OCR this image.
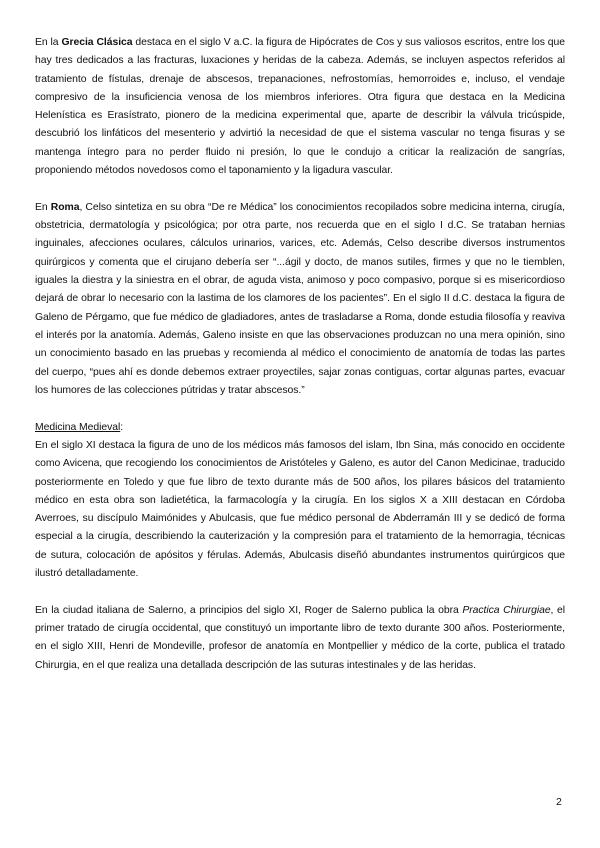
En la Grecia Clásica destaca en el siglo V a.C. la figura de Hipócrates de Cos y sus valiosos escritos, entre los que hay tres dedicados a las fracturas, luxaciones y heridas de la cabeza. Además, se incluyen aspectos referidos al tratamiento de fístulas, drenaje de abscesos, trepanaciones, nefrostomías, hemorroides e, incluso, el vendaje compresivo de la insuficiencia venosa de los miembros inferiores. Otra figura que destaca en la Medicina Helenística es Erasístrato, pionero de la medicina experimental que, aparte de describir la válvula tricúspide, descubrió los linfáticos del mesenterio y advirtió la necesidad de que el sistema vascular no tenga fisuras y se mantenga íntegro para no perder fluido ni presión, lo que le condujo a criticar la realización de sangrías, proponiendo métodos novedosos como el taponamiento y la ligadura vascular.

En Roma, Celso sintetiza en su obra “De re Médica” los conocimientos recopilados sobre medicina interna, cirugía, obstetricia, dermatología y psicológica; por otra parte, nos recuerda que en el siglo I d.C. Se trataban hernias inguinales, afecciones oculares, cálculos urinarios, varices, etc. Además, Celso describe diversos instrumentos quirúrgicos y comenta que el cirujano debería ser “...ágil y docto, de manos sutiles, firmes y que no le tiemblen, iguales la diestra y la siniestra en el obrar, de aguda vista, animoso y poco compasivo, porque si es misericordioso dejará de obrar lo necesario con la lastima de los clamores de los pacientes”. En el siglo II d.C. destaca la figura de Galeno de Pérgamo, que fue médico de gladiadores, antes de trasladarse a Roma, donde estudia filosofía y reaviva el interés por la anatomía. Además, Galeno insiste en que las observaciones produzcan no una mera opinión, sino un conocimiento basado en las pruebas y recomienda al médico el conocimiento de anatomía de todas las partes del cuerpo, “pues ahí es donde debemos extraer proyectiles, sajar zonas contiguas, cortar algunas partes, evacuar los humores de las colecciones pútridas y tratar abscesos.”

Medicina Medieval:
En el siglo XI destaca la figura de uno de los médicos más famosos del islam, Ibn Sina, más conocido en occidente como Avicena, que recogiendo los conocimientos de Aristóteles y Galeno, es autor del Canon Medicinae, traducido posteriormente en Toledo y que fue libro de texto durante más de 500 años, los pilares básicos del tratamiento médico en esta obra son ladietética, la farmacología y la cirugía. En los siglos X a XIII destacan en Córdoba Averroes, su discípulo Maimónides y Abulcasis, que fue médico personal de Abderramán III y se dedicó de forma especial a la cirugía, describiendo la cauterización y la compresión para el tratamiento de la hemorragia, técnicas de sutura, colocación de apósitos y férulas. Además, Abulcasis diseñó abundantes instrumentos quirúrgicos que ilustró detalladamente.

En la ciudad italiana de Salerno, a principios del siglo XI, Roger de Salerno publica la obra Practica Chirurgiae, el primer tratado de cirugía occidental, que constituyó un importante libro de texto durante 300 años. Posteriormente, en el siglo XIII, Henri de Mondeville, profesor de anatomía en Montpellier y médico de la corte, publica el tratado Chirurgia, en el que realiza una detallada descripción de las suturas intestinales y de las heridas.

2
